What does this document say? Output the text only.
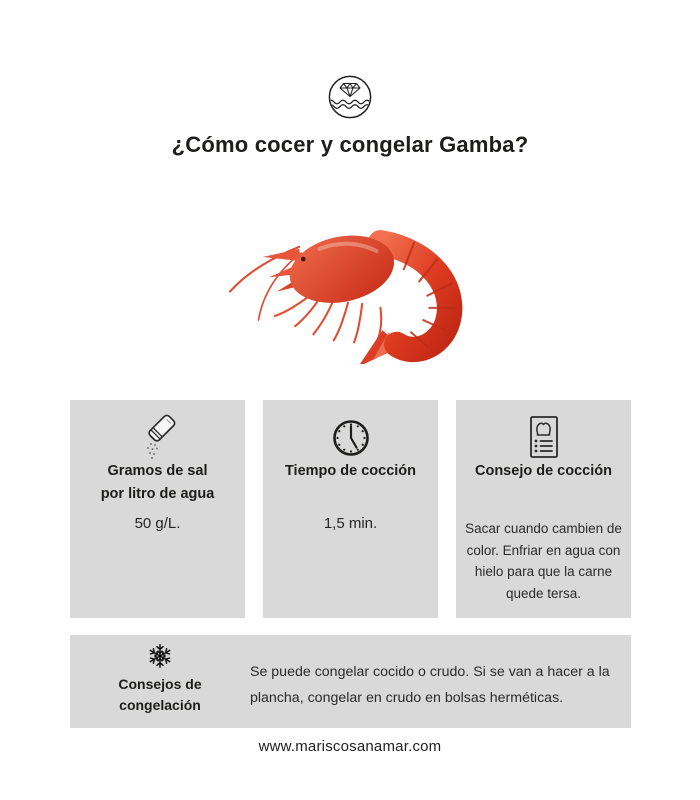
¿Cómo cocer y congelar Gamba?
Gramos de sal
por litro de agua
50 g/L.
Tiempo de cocción
1,5 min.
Consejo de cocción
Sacar cuando cambien de color. Enfriar en agua con hielo para que la carne quede tersa.
Consejos de
congelación
Se puede congelar cocido o crudo. Si se van a hacer a la plancha, congelar en crudo en bolsas herméticas.
www.mariscosanamar.com
